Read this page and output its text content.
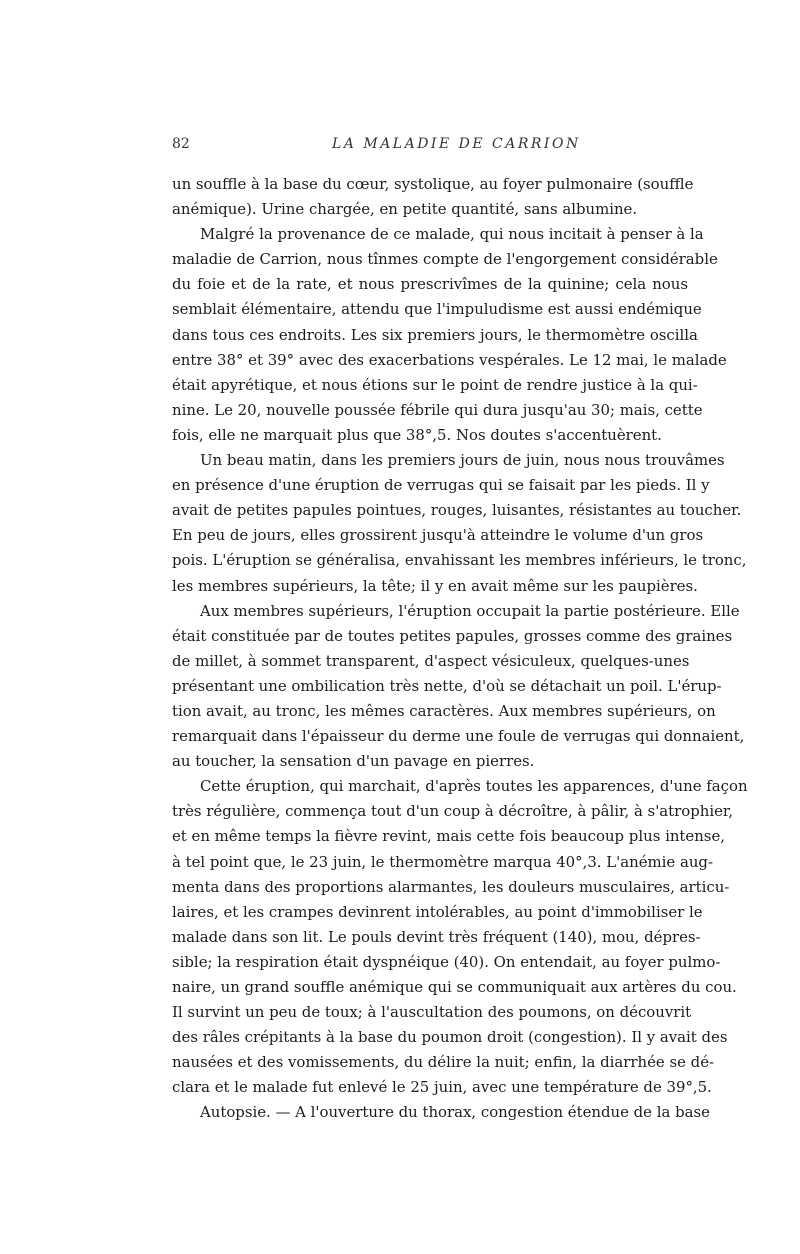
82	LA MALADIE DE CARRION
un souffle à la base du cœur, systolique, au foyer pulmonaire (souffle
anémique). Urine chargée, en petite quantité, sans albumine.
Malgré la provenance de ce malade, qui nous incitait à penser à la
maladie de Carrion, nous tînmes compte de l'engorgement considérable
du foie et de la rate, et nous prescrivîmes de la quinine; cela nous
semblait élémentaire, attendu que l'impuludisme est aussi endémique
dans tous ces endroits. Les six premiers jours, le thermomètre oscilla
entre 38° et 39° avec des exacerbations vespérales. Le 12 mai, le malade
était apyrétique, et nous étions sur le point de rendre justice à la qui-
nine. Le 20, nouvelle poussée fébrile qui dura jusqu'au 30; mais, cette
fois, elle ne marquait plus que 38°,5. Nos doutes s'accentuèrent.
Un beau matin, dans les premiers jours de juin, nous nous trouvâmes
en présence d'une éruption de verrugas qui se faisait par les pieds. Il y
avait de petites papules pointues, rouges, luisantes, résistantes au toucher.
En peu de jours, elles grossirent jusqu'à atteindre le volume d'un gros
pois. L'éruption se généralisa, envahissant les membres inférieurs, le tronc,
les membres supérieurs, la tête; il y en avait même sur les paupières.
Aux membres supérieurs, l'éruption occupait la partie postérieure. Elle
était constituée par de toutes petites papules, grosses comme des graines
de millet, à sommet transparent, d'aspect vésiculeux, quelques-unes
présentant une ombilication très nette, d'où se détachait un poil. L'érup-
tion avait, au tronc, les mêmes caractères. Aux membres supérieurs, on
remarquait dans l'épaisseur du derme une foule de verrugas qui donnaient,
au toucher, la sensation d'un pavage en pierres.
Cette éruption, qui marchait, d'après toutes les apparences, d'une façon
très régulière, commença tout d'un coup à décroître, à pâlir, à s'atrophier,
et en même temps la fièvre revint, mais cette fois beaucoup plus intense,
à tel point que, le 23 juin, le thermomètre marqua 40°,3. L'anémie aug-
menta dans des proportions alarmantes, les douleurs musculaires, articu-
laires, et les crampes devinrent intolérables, au point d'immobiliser le
malade dans son lit. Le pouls devint très fréquent (140), mou, dépres-
sible; la respiration était dyspnéique (40). On entendait, au foyer pulmo-
naire, un grand souffle anémique qui se communiquait aux artères du cou.
Il survint un peu de toux; à l'auscultation des poumons, on découvrit
des râles crépitants à la base du poumon droit (congestion). Il y avait des
nausées et des vomissements, du délire la nuit; enfin, la diarrhée se dé-
clara et le malade fut enlevé le 25 juin, avec une température de 39°,5.
Autopsie. — A l'ouverture du thorax, congestion étendue de la base
